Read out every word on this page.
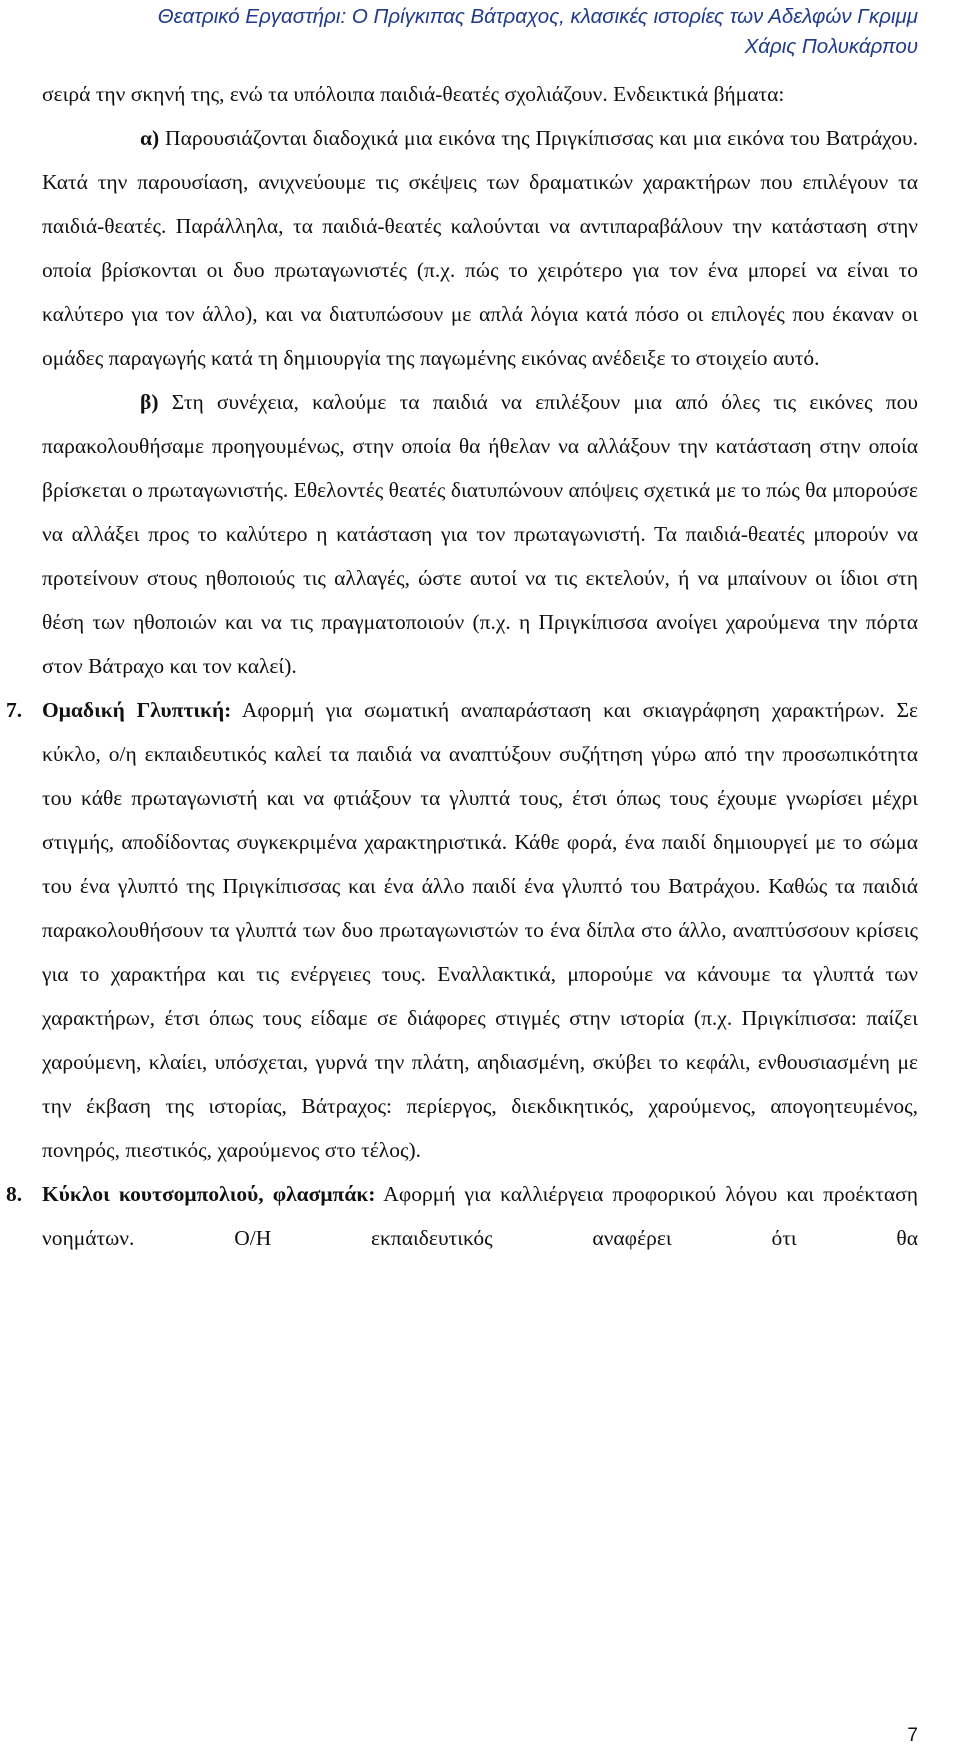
Θεατρικό Εργαστήρι: Ο Πρίγκιπας Βάτραχος, κλασικές ιστορίες των Αδελφών Γκριμμ
Χάρις Πολυκάρπου

σειρά την σκηνή της, ενώ τα υπόλοιπα παιδιά-θεατές σχολιάζουν. Ενδεικτικά βήματα:

α) Παρουσιάζονται διαδοχικά μια εικόνα της Πριγκίπισσας και μια εικόνα του Βατράχου. Κατά την παρουσίαση, ανιχνεύουμε τις σκέψεις των δραματικών χαρακτήρων που επιλέγουν τα παιδιά-θεατές. Παράλληλα, τα παιδιά-θεατές καλούνται να αντιπαραβάλουν την κατάσταση στην οποία βρίσκονται οι δυο πρωταγωνιστές (π.χ. πώς το χειρότερο για τον ένα μπορεί να είναι το καλύτερο για τον άλλο), και να διατυπώσουν με απλά λόγια κατά πόσο οι επιλογές που έκαναν οι ομάδες παραγωγής κατά τη δημιουργία της παγωμένης εικόνας ανέδειξε το στοιχείο αυτό.

β) Στη συνέχεια, καλούμε τα παιδιά να επιλέξουν μια από όλες τις εικόνες που παρακολουθήσαμε προηγουμένως, στην οποία θα ήθελαν να αλλάξουν την κατάσταση στην οποία βρίσκεται ο πρωταγωνιστής. Εθελοντές θεατές διατυπώνουν απόψεις σχετικά με το πώς θα μπορούσε να αλλάξει προς το καλύτερο η κατάσταση για τον πρωταγωνιστή. Τα παιδιά-θεατές μπορούν να προτείνουν στους ηθοποιούς τις αλλαγές, ώστε αυτοί να τις εκτελούν, ή να μπαίνουν οι ίδιοι στη θέση των ηθοποιών και να τις πραγματοποιούν (π.χ. η Πριγκίπισσα ανοίγει χαρούμενα την πόρτα στον Βάτραχο και τον καλεί).

7. Ομαδική Γλυπτική: Αφορμή για σωματική αναπαράσταση και σκιαγράφηση χαρακτήρων. Σε κύκλο, ο/η εκπαιδευτικός καλεί τα παιδιά να αναπτύξουν συζήτηση γύρω από την προσωπικότητα του κάθε πρωταγωνιστή και να φτιάξουν τα γλυπτά τους, έτσι όπως τους έχουμε γνωρίσει μέχρι στιγμής, αποδίδοντας συγκεκριμένα χαρακτηριστικά. Κάθε φορά, ένα παιδί δημιουργεί με το σώμα του ένα γλυπτό της Πριγκίπισσας και ένα άλλο παιδί ένα γλυπτό του Βατράχου. Καθώς τα παιδιά παρακολουθήσουν τα γλυπτά των δυο πρωταγωνιστών το ένα δίπλα στο άλλο, αναπτύσσουν κρίσεις για το χαρακτήρα και τις ενέργειες τους. Εναλλακτικά, μπορούμε να κάνουμε τα γλυπτά των χαρακτήρων, έτσι όπως τους είδαμε σε διάφορες στιγμές στην ιστορία (π.χ. Πριγκίπισσα: παίζει χαρούμενη, κλαίει, υπόσχεται, γυρνά την πλάτη, αηδιασμένη, σκύβει το κεφάλι, ενθουσιασμένη με την έκβαση της ιστορίας, Βάτραχος: περίεργος, διεκδικητικός, χαρούμενος, απογοητευμένος, πονηρός, πιεστικός, χαρούμενος στο τέλος).

8. Κύκλοι κουτσομπολιού, φλασμπάκ: Αφορμή για καλλιέργεια προφορικού λόγου και προέκταση νοημάτων. Ο/Η εκπαιδευτικός αναφέρει ότι θα

7
